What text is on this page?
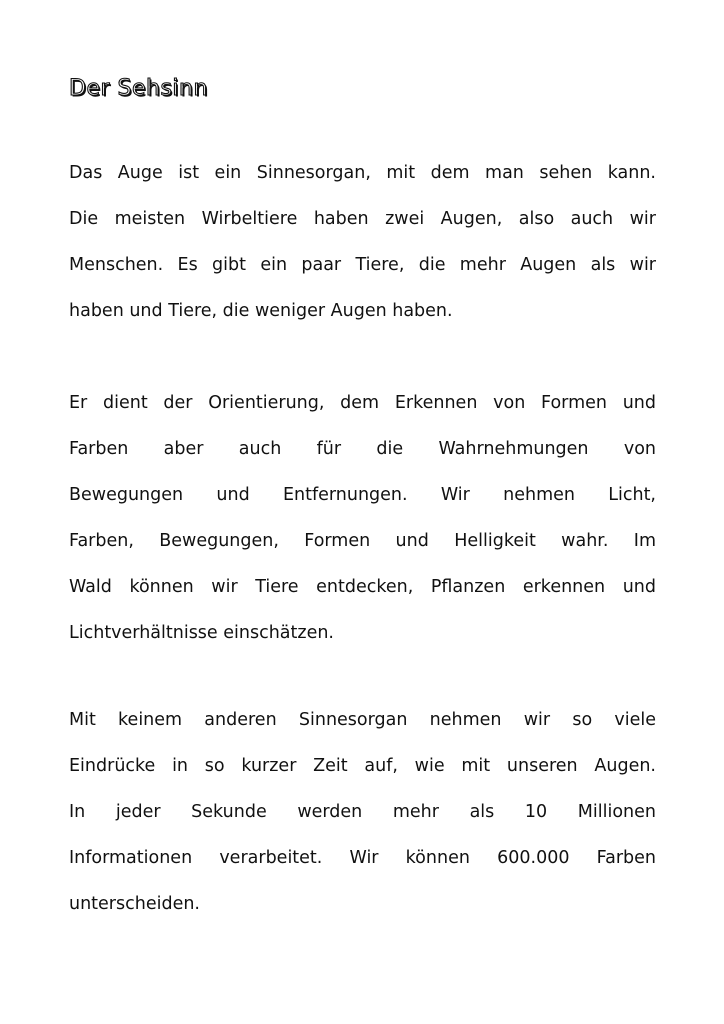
Der Sehsinn
Das Auge ist ein Sinnesorgan, mit dem man sehen kann.
Die meisten Wirbeltiere haben zwei Augen, also auch wir
Menschen. Es gibt ein paar Tiere, die mehr Augen als wir
haben und Tiere, die weniger Augen haben.
Er dient der Orientierung, dem Erkennen von Formen und
Farben aber auch für die Wahrnehmungen von
Bewegungen und Entfernungen. Wir nehmen Licht,
Farben, Bewegungen, Formen und Helligkeit wahr. Im
Wald können wir Tiere entdecken, Pflanzen erkennen und
Lichtverhältnisse einschätzen.
Mit keinem anderen Sinnesorgan nehmen wir so viele
Eindrücke in so kurzer Zeit auf, wie mit unseren Augen.
In jeder Sekunde werden mehr als 10 Millionen
Informationen verarbeitet. Wir können 600.000 Farben
unterscheiden.
